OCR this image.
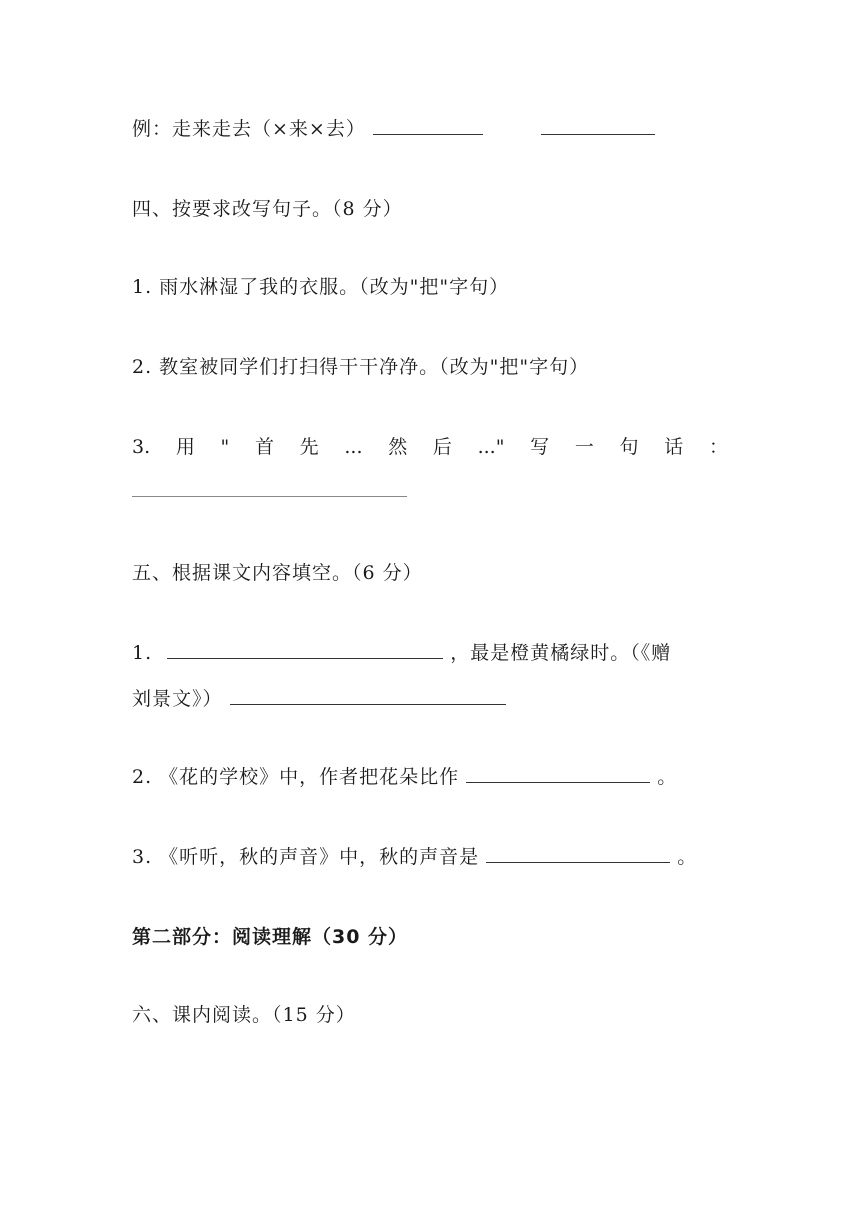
例：走来走去（×来×去）
四、按要求改写句子。（8 分）
1. 雨水淋湿了我的衣服。（改为"把"字句）
2. 教室被同学们打扫得干干净净。（改为"把"字句）
3. 用 " 首 先 ... 然 后 ..." 写 一 句 话 ：
五、根据课文内容填空。（6 分）
1.	，最是橙黄橘绿时。（《赠
刘景文》）
2. 《花的学校》中，作者把花朵比作	。
3. 《听听，秋的声音》中，秋的声音是	。
第二部分：阅读理解（30 分）
六、课内阅读。（15 分）
